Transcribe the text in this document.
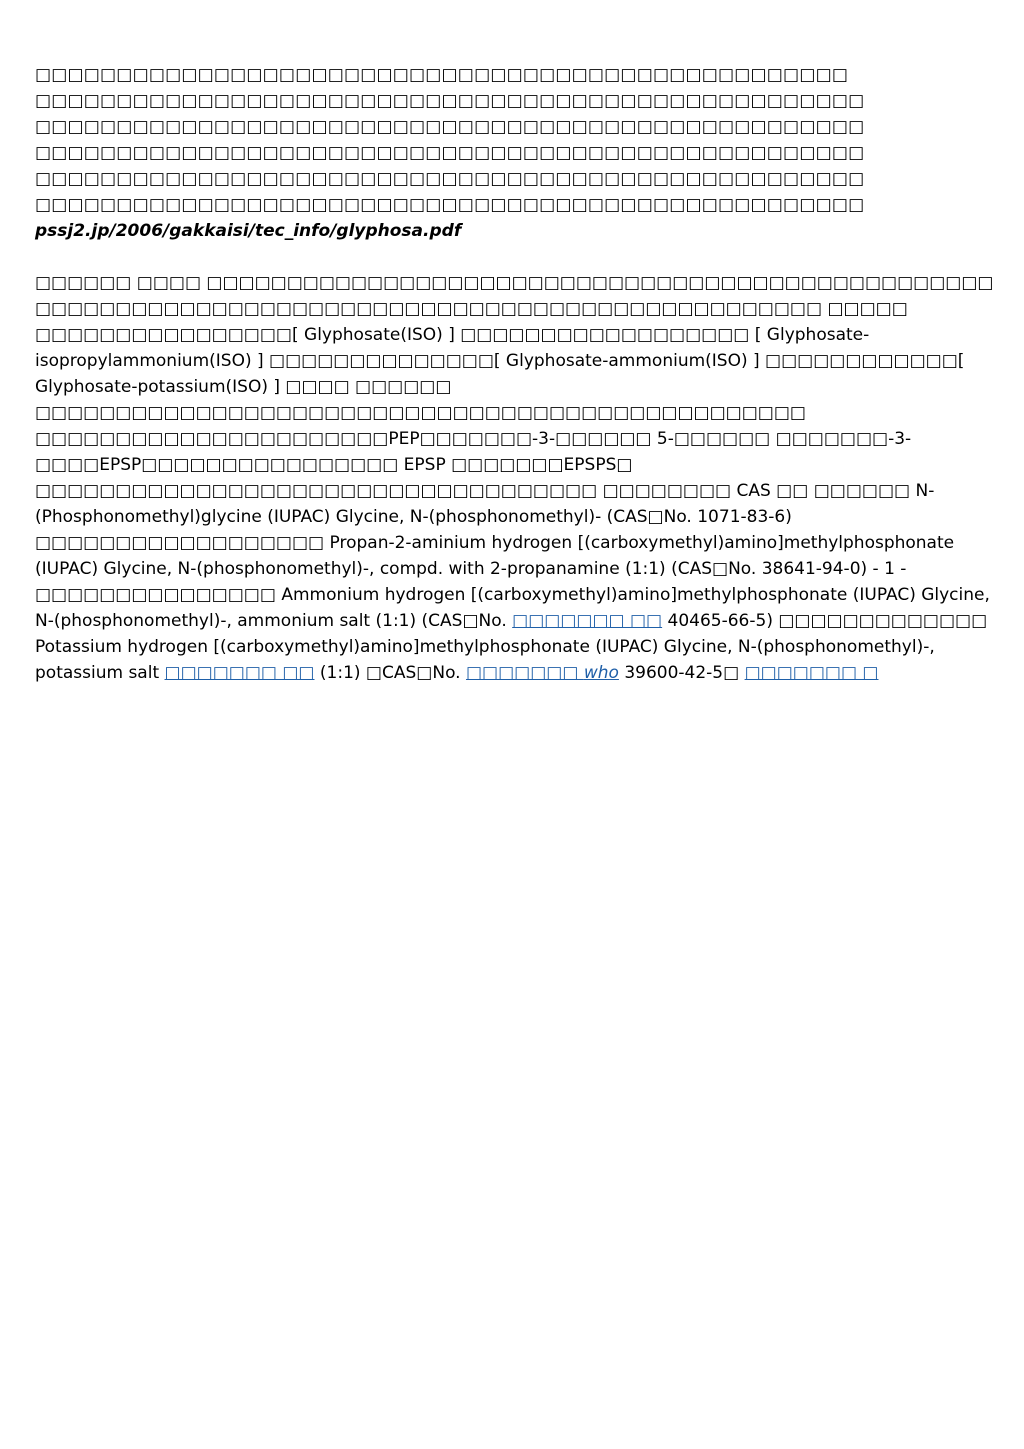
□□□□□□□□□□□□□□□□□□□□□□□□□□□□□□□□□□□□□□□□□□□□□□□□□□
□□□□□□□□□□□□□□□□□□□□□□□□□□□□□□□□□□□□□□□□□□□□□□□□□□□
□□□□□□□□□□□□□□□□□□□□□□□□□□□□□□□□□□□□□□□□□□□□□□□□□□□
□□□□□□□□□□□□□□□□□□□□□□□□□□□□□□□□□□□□□□□□□□□□□□□□□□□
□□□□□□□□□□□□□□□□□□□□□□□□□□□□□□□□□□□□□□□□□□□□□□□□□□□
□□□□□□□□□□□□□□□□□□□□□□□□□□□□□□□□□□□□□□□□□□□□□□□□□□□ pssj2.jp/2006/gakkaisi/tec_info/glyphosa.pdf

□□□□□□ □□□□ □□□□□□□□□□□□□□□□□□□□□□□□□□□□□□□□□□□□□□□□□□□□□□□□□ □□□□□□□□□□□□□□□□□□□□□□□□□□□□□□□□□□□□□□□□□□□□□□□□□ □□□□□ □□□□□□□□□□□□□□□□[ Glyphosate(ISO) ] □□□□□□□□□□□□□□□□□□ [ Glyphosate-isopropylammonium(ISO) ] □□□□□□□□□□□□□□[ Glyphosate-ammonium(ISO) ] □□□□□□□□□□□□[ Glyphosate-potassium(ISO) ] □□□□ □□□□□□ □□□□□□□□□□□□□□□□□□□□□□□□□□□□□□□□□□□□□□□□□□□□□□□□ □□□□□□□□□□□□□□□□□□□□□□PEP□□□□□□□-3-□□□□□□ 5-□□□□□□ □□□□□□□-3-□□□□EPSP□□□□□□□□□□□□□□□□ EPSP □□□□□□□EPSPS□ □□□□□□□□□□□□□□□□□□□□□□□□□□□□□□□□□□□ □□□□□□□□ CAS □□ □□□□□□ N-(Phosphonomethyl)glycine (IUPAC) Glycine, N-(phosphonomethyl)- (CAS□No. 1071-83-6) □□□□□□□□□□□□□□□□□□ Propan-2-aminium hydrogen [(carboxymethyl)amino]methylphosphonate (IUPAC) Glycine, N-(phosphonomethyl)-, compd. with 2-propanamine (1:1) (CAS□No. 38641-94-0) - 1 - □□□□□□□□□□□□□□□ Ammonium hydrogen [(carboxymethyl)amino]methylphosphonate (IUPAC) Glycine, N-(phosphonomethyl)-, ammonium salt (1:1) (CAS□No. □□□□□□□ □□ 40465-66-5) □□□□□□□□□□□□□ Potassium hydrogen [(carboxymethyl)amino]methylphosphonate (IUPAC) Glycine, N-(phosphonomethyl)-, potassium salt □□□□□□□ □□ (1:1) □CAS□No. □□□□□□□ who 39600-42-5□ □□□□□□□ □
